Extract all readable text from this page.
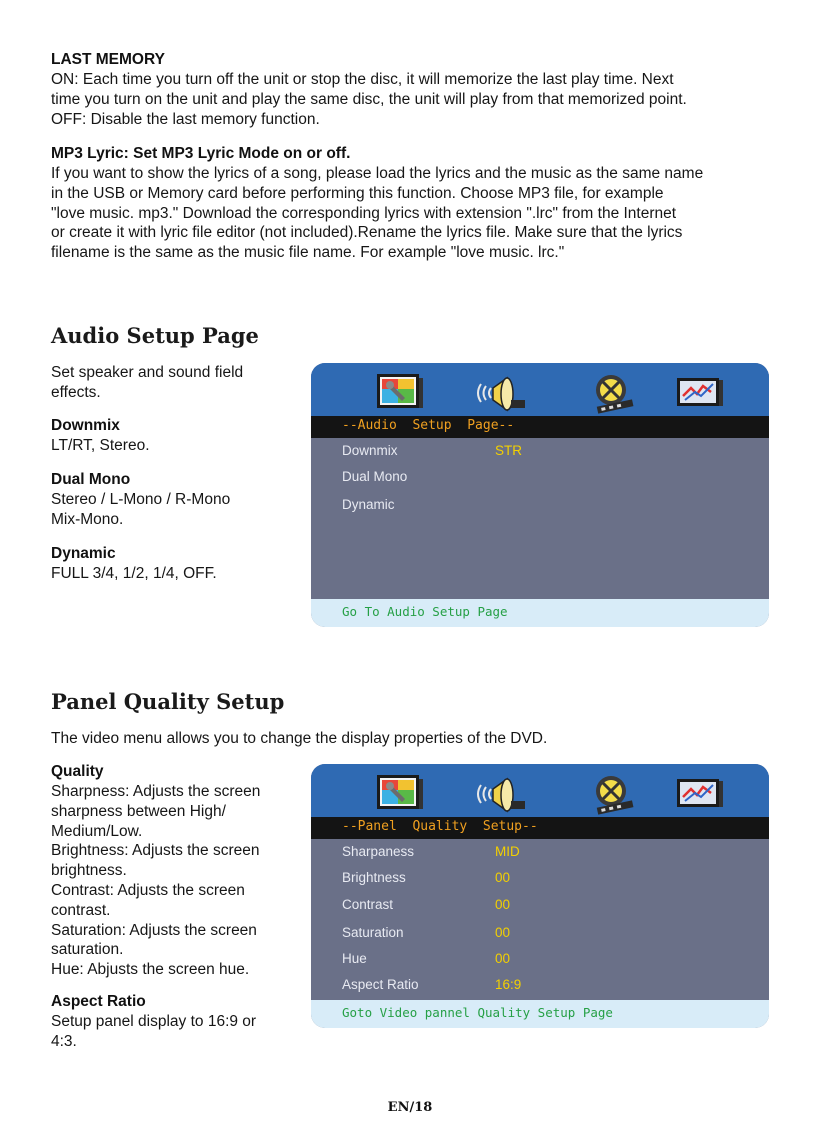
LAST MEMORY

ON: Each time you turn off the unit or stop the disc, it will memorize the last play time. Next

time you turn on the unit and play the same disc, the unit will play from that memorized point.

OFF: Disable the last memory function.

MP3 Lyric: Set MP3 Lyric Mode on or off.

If you want to show the lyrics of a song, please load the lyrics and the music as the same name

in the USB or Memory card before performing this function. Choose MP3 file, for example

"love music. mp3." Download the corresponding lyrics with extension ".lrc" from the Internet

or create it with lyric file editor (not included).Rename the lyrics file. Make sure that the lyrics

filename is the same as the music file name. For example "love music. lrc."

Audio Setup Page

Set speaker and sound field

effects.

Downmix
LT/RT, Stereo.
Dual Mono

Stereo / L-Mono / R-Mono

Mix-Mono.

Dynamic
FULL 3/4, 1/2, 1/4, OFF.
--Audio  Setup  Page--
Downmix	STR
Dual Mono
Dynamic
Go To Audio Setup Page
Panel Quality Setup
The video menu allows you to change the display properties of the DVD.
Quality

Sharpness: Adjusts the screen

sharpness between High/

Medium/Low.

Brightness: Adjusts the screen

brightness.

Contrast: Adjusts the screen

contrast.

Saturation: Adjusts the screen

saturation.

Hue: Abjusts the screen hue.

Aspect Ratio

Setup panel display to 16:9 or

4:3.

--Panel  Quality  Setup--
Sharpaness	MID
Brightness	00
Contrast	00
Saturation	00
Hue	00
Aspect Ratio	16:9
Goto Video pannel Quality Setup Page
EN/18
